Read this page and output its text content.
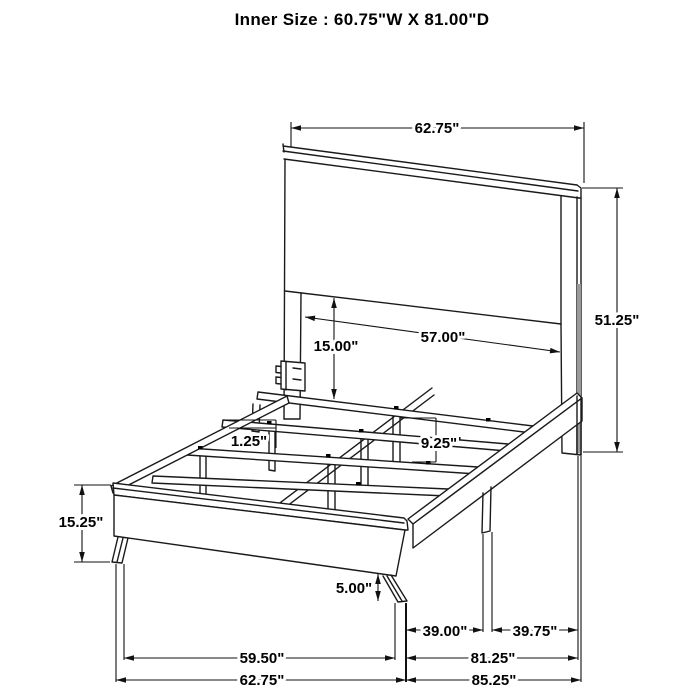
Inner Size : 60.75"W X 81.00"D
62.75"
51.25"
57.00"
15.00"
9.25"
1.25"
15.25"
5.00"
39.00"	39.75"
59.50"	81.25"
62.75"	85.25"
